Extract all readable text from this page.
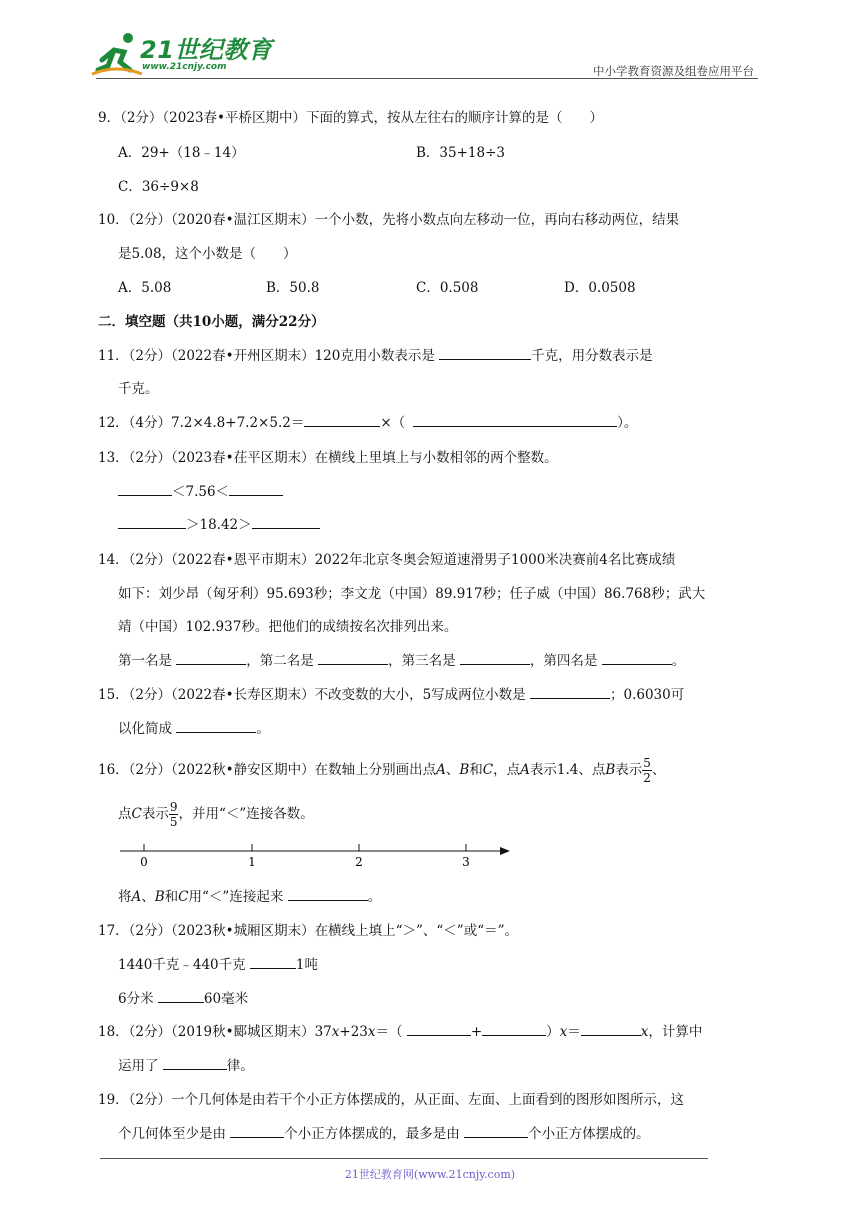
21世纪教育
www.21cnjy.com	中小学教育资源及组卷应用平台
9．（2分）（2023春•平桥区期中）下面的算式，按从左往右的顺序计算的是（　　）
A．29+（18﹣14）	B．35+18÷3
C．36÷9×8
10．（2分）（2020春•温江区期末）一个小数，先将小数点向左移动一位，再向右移动两位，结果
是5.08，这个小数是（　　）
A．5.08	B．50.8	C．0.508	D．0.0508
二．填空题（共10小题，满分22分）
11．（2分）（2022春•开州区期末）120克用小数表示是	千克，用分数表示是
千克。
12．（4分）7.2×4.8+7.2×5.2＝	×（	）。
13．（2分）（2023春•茌平区期末）在横线上里填上与小数相邻的两个整数。
＜7.56＜
＞18.42＞
14．（2分）（2022春•恩平市期末）2022年北京冬奥会短道速滑男子1000米决赛前4名比赛成绩
如下：刘少昂（匈牙利）95.693秒；李文龙（中国）89.917秒；任子威（中国）86.768秒；武大
靖（中国）102.937秒。把他们的成绩按名次排列出来。
第一名是	，第二名是	，第三名是	，第四名是	。
15．（2分）（2022春•长寿区期末）不改变数的大小，5写成两位小数是	；0.6030可
以化简成	。
16．（2分）（2022秋•静安区期中）在数轴上分别画出点A、B和C，点A表示1.4、点B表示 $\frac{5}{2}$ 、
点C表示 $\frac{9}{5}$ ，并用“＜”连接各数。
0	1	2	3
将A、B和C用“＜”连接起来	。
17．（2分）（2023秋•城厢区期末）在横线上填上“＞”、“＜”或“＝”。
1440千克﹣440千克	1吨
6分米	60毫米
18．（2分）（2019秋•郾城区期末）37x+23x＝（	+	）x＝	x，计算中
运用了	律。
19．（2分）一个几何体是由若干个小正方体摆成的，从正面、左面、上面看到的图形如图所示，这
个几何体至少是由	个小正方体摆成的，最多是由	个小正方体摆成的。
21世纪教育网(www.21cnjy.com)
